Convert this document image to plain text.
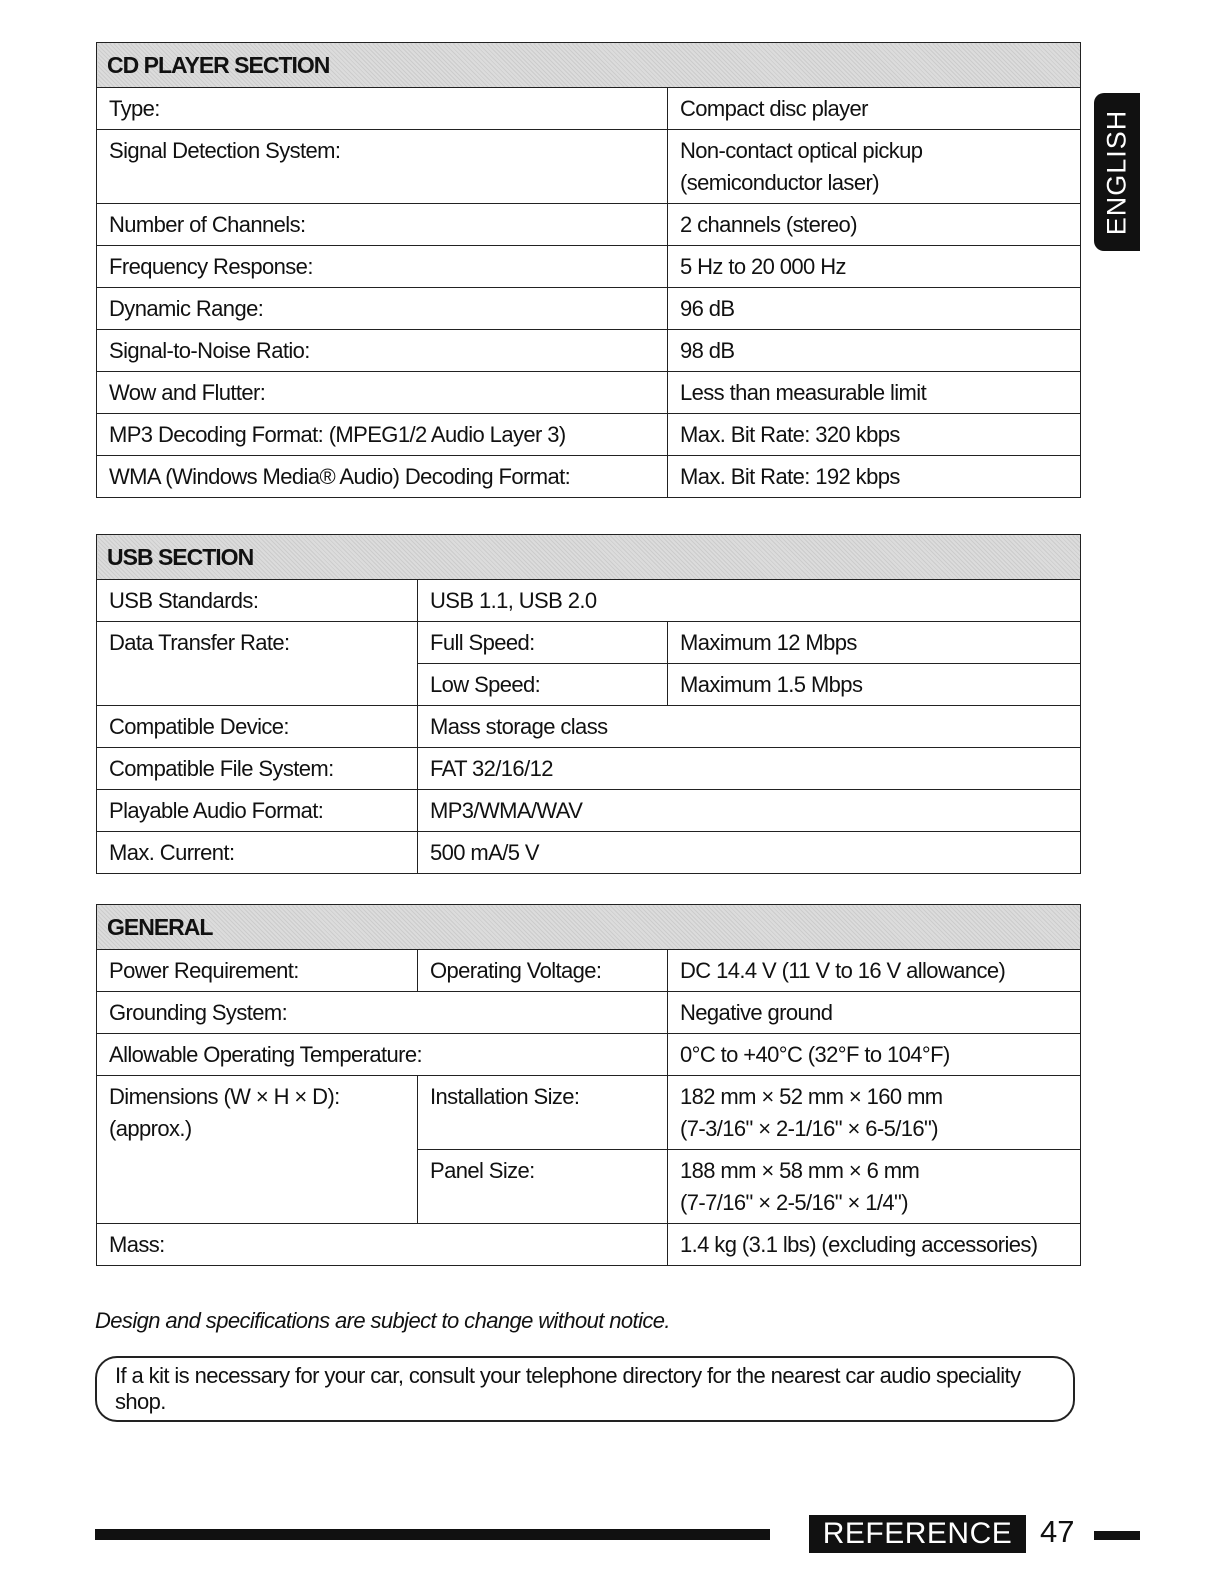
CD PLAYER SECTION	
Type:	Compact disc player
Signal Detection System:	Non-contact optical pickup
(semiconductor laser)

Number of Channels:	2 channels (stereo)
Frequency Response:	5 Hz to 20 000 Hz
Dynamic Range:	96 dB
Signal-to-Noise Ratio:	98 dB
Wow and Flutter:	Less than measurable limit
MP3 Decoding Format: (MPEG1/2 Audio Layer 3)	Max. Bit Rate: 320 kbps
WMA (Windows Media® Audio) Decoding Format:	Max. Bit Rate: 192 kbps
USB SECTION		
USB Standards:	USB 1.1, USB 2.0	
Data Transfer Rate:	Full Speed:	Maximum 12 Mbps
	Low Speed:	Maximum 1.5 Mbps
Compatible Device:	Mass storage class	
Compatible File System:	FAT 32/16/12	
Playable Audio Format:	MP3/WMA/WAV	
Max. Current:	500 mA/5 V	
GENERAL		
Power Requirement:	Operating Voltage:	DC 14.4 V (11 V to 16 V allowance)
Grounding System:		Negative ground
Allowable Operating Temperature:		0°C to +40°C (32°F to 104°F)
Dimensions (W × H × D): (approx.)	Installation Size:	182 mm × 52 mm × 160 mm
(7-3/16" × 2-1/16" × 6-5/16")

	Panel Size:	188 mm × 58 mm × 6 mm
(7-7/16" × 2-5/16" × 1/4")

Mass:		1.4 kg (3.1 lbs) (excluding accessories)
Design and specifications are subject to change without notice.
If a kit is necessary for your car, consult your telephone directory for the nearest car audio speciality shop.
ENGLISH
REFERENCE 47
